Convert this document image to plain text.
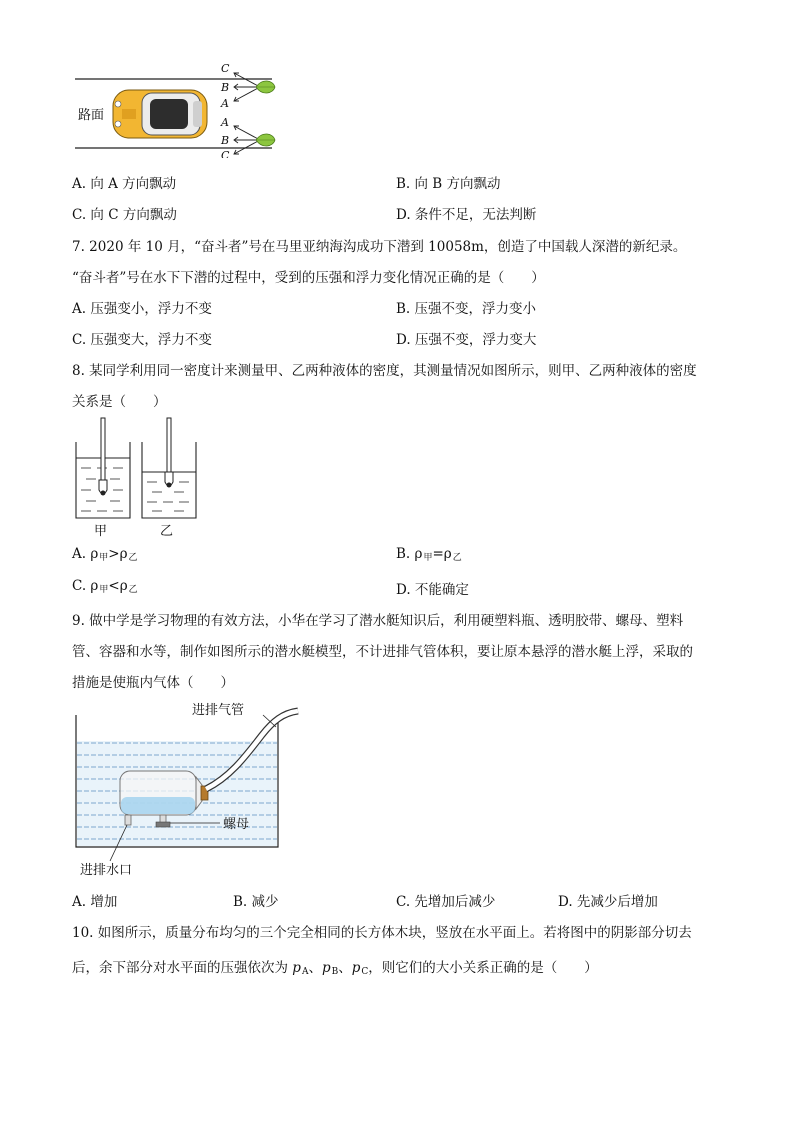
路面
C
B
A
A
B
C
A. 向 A 方向飘动	B. 向 B 方向飘动
C. 向 C 方向飘动	D. 条件不足，无法判断
7. 2020 年 10 月，“奋斗者”号在马里亚纳海沟成功下潜到 10058m，创造了中国载人深潜的新纪录。
“奋斗者”号在水下下潜的过程中，受到的压强和浮力变化情况正确的是（　　）
A. 压强变小，浮力不变	B. 压强不变，浮力变小
C. 压强变大，浮力不变	D. 压强不变，浮力变大
8. 某同学利用同一密度计来测量甲、乙两种液体的密度，其测量情况如图所示，则甲、乙两种液体的密度
关系是（　　）
甲	乙
A. $\rho_甲>\rho_乙$	B. $\rho_甲=\rho_乙$
C. $\rho_甲<\rho_乙$	D. 不能确定
9. 做中学是学习物理的有效方法，小华在学习了潜水艇知识后，利用硬塑料瓶、透明胶带、螺母、塑料
管、容器和水等，制作如图所示的潜水艇模型，不计进排气管体积，要让原本悬浮的潜水艇上浮，采取的
措施是使瓶内气体（　　）
进排气管
螺母
进排水口
A. 增加	B. 减少	C. 先增加后减少	D. 先减少后增加
10. 如图所示，质量分布均匀的三个完全相同的长方体木块，竖放在水平面上。若将图中的阴影部分切去
后，余下部分对水平面的压强依次为 $p_A$、$p_B$、$p_C$，则它们的大小关系正确的是（　　）
